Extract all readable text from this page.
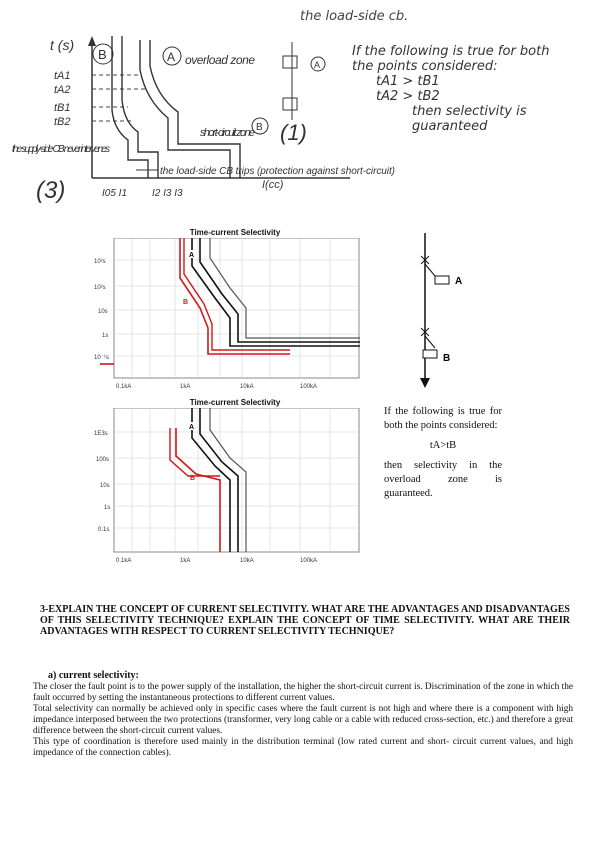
the load-side cb.
t (s)
tA1
tA2
tB1
tB2
B	A overload zone	A
B
short-circuit zone (1)
the supply-side CB never intervenes
the load-side CB trips (protection against short-circuit)
I(cc)
I05 I1 I2 I3 I3
(3)
If the following is true for both the points considered:
tA1 > tB1
tA2 > tB2
then selectivity is guaranteed
Time-current Selectivity
A
B
10²s
10²s
10s
1s
10⁻¹s
0.1kA	1kA	10kA	100kA
A
B
Time-current Selectivity
A
B
1E3s
100s
10s
1s
0.1s
0.1kA	1kA	10kA	100kA

If the following is true for both the points considered:

tA>tB

then selectivity in the overload zone is guaranteed.

3-EXPLAIN THE CONCEPT OF CURRENT SELECTIVITY. WHAT ARE THE ADVANTAGES AND DISADVANTAGES OF THIS SELECTIVITY TECHNIQUE? EXPLAIN THE CONCEPT OF TIME SELECTIVITY. WHAT ARE THEIR ADVANTAGES WITH RESPECT TO CURRENT SELECTIVITY TECHNIQUE?
a) current selectivity:

The closer the fault point is to the power supply of the installation, the higher the short-circuit current is. Discrimination of the zone in which the fault occurred by setting the instantaneous protections to different current values.

Total selectivity can normally be achieved only in specific cases where the fault current is not high and where there is a component with high impedance interposed between the two protections (transformer, very long cable or a cable with reduced cross-section, etc.) and therefore a great difference between the short-circuit current values.

This type of coordination is therefore used mainly in the distribution terminal (low rated current and short- circuit current values, and high impedance of the connection cables).
